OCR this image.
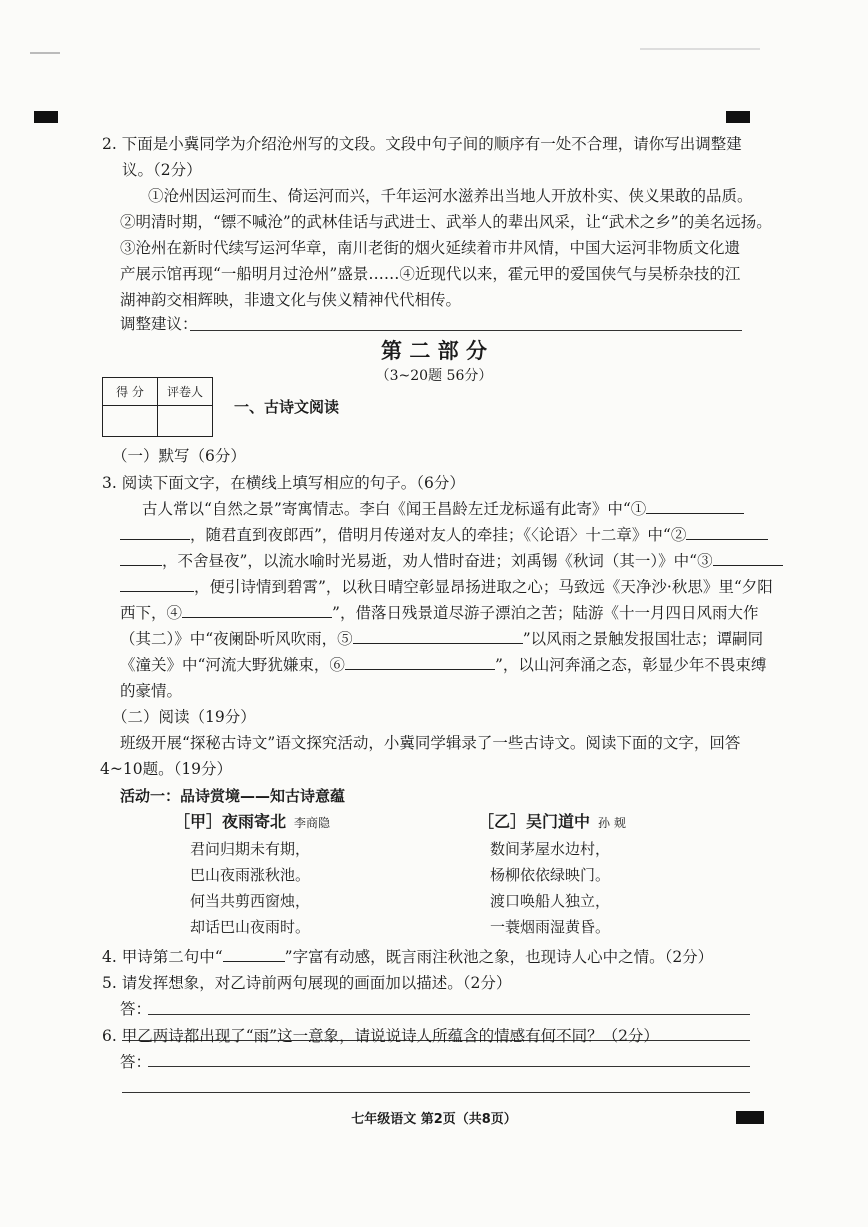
2. 下面是小冀同学为介绍沧州写的文段。文段中句子间的顺序有一处不合理，请你写出调整建
议。（2分）
①沧州因运河而生、倚运河而兴，千年运河水滋养出当地人开放朴实、侠义果敢的品质。
②明清时期，“镖不喊沧”的武林佳话与武进士、武举人的辈出风采，让“武术之乡”的美名远扬。
③沧州在新时代续写运河华章，南川老街的烟火延续着市井风情，中国大运河非物质文化遗
产展示馆再现“一船明月过沧州”盛景……④近现代以来，霍元甲的爱国侠气与吴桥杂技的江
湖神韵交相辉映，非遗文化与侠义精神代代相传。
调整建议：
第 二 部 分
（3~20题 56分）
得 分	评卷人

一、古诗文阅读
（一）默写（6分）
3. 阅读下面文字，在横线上填写相应的句子。（6分）
古人常以“自然之景”寄寓情志。李白《闻王昌龄左迁龙标遥有此寄》中“①
，随君直到夜郎西”，借明月传递对友人的牵挂；《〈论语〉十二章》中“②
，不舍昼夜”，以流水喻时光易逝，劝人惜时奋进；刘禹锡《秋词（其一）》中“③
，便引诗情到碧霄”，以秋日晴空彰显昂扬进取之心；马致远《天净沙·秋思》里“夕阳
西下，④	”，借落日残景道尽游子漂泊之苦；陆游《十一月四日风雨大作
（其二）》中“夜阑卧听风吹雨，⑤	”以风雨之景触发报国壮志；谭嗣同
《潼关》中“河流大野犹嫌束，⑥	”，以山河奔涌之态，彰显少年不畏束缚
的豪情。
（二）阅读（19分）
班级开展“探秘古诗文”语文探究活动，小冀同学辑录了一些古诗文。阅读下面的文字，回答
4~10题。（19分）
活动一：品诗赏境——知古诗意蕴
［甲］夜雨寄北 李商隐
君问归期未有期，
巴山夜雨涨秋池。
何当共剪西窗烛，
却话巴山夜雨时。
［乙］吴门道中 孙 觌
数间茅屋水边村，
杨柳依依绿映门。
渡口唤船人独立，
一蓑烟雨湿黄昏。
4. 甲诗第二句中“	”字富有动感，既言雨注秋池之象，也现诗人心中之情。（2分）
5. 请发挥想象，对乙诗前两句展现的画面加以描述。（2分）
答：
6. 甲乙两诗都出现了“雨”这一意象，请说说诗人所蕴含的情感有何不同？（2分）
答：
七年级语文 第2页（共8页）
